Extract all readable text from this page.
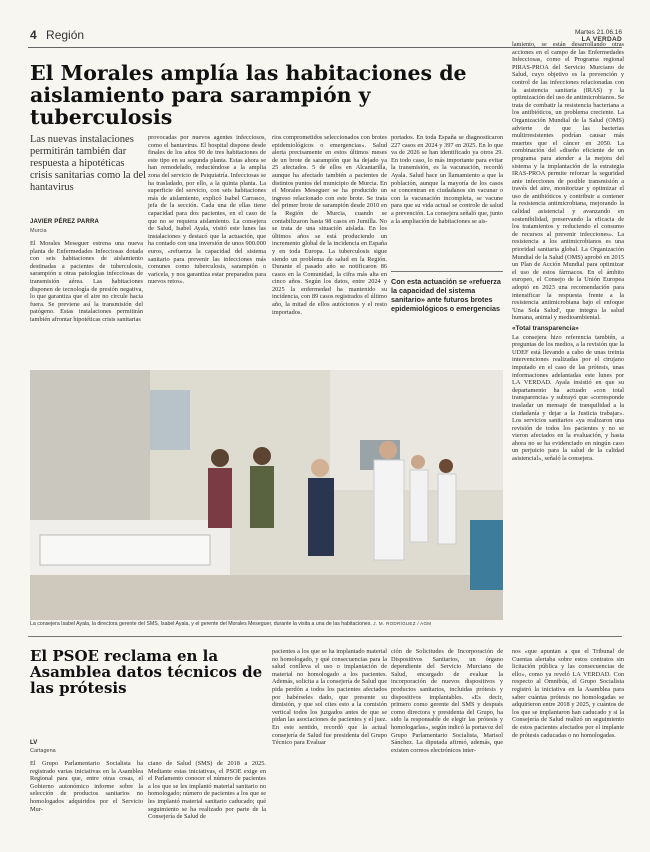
4 Región	Martes 21.06.16
LA VERDAD
El Morales amplía las habitaciones de aislamiento para sarampión y tuberculosis
Las nuevas instalaciones permitirán también dar respuesta a hipotéticas crisis sanitarias como la del hantavirus
JAVIER PÉREZ PARRA
Murcia

El Morales Meseguer estrena una nueva planta de Enfermedades Infecciosas dotada con seis habitaciones de aislamiento destinadas a pacientes de tuberculosis, sarampión u otras patologías infecciosas de transmisión aérea. Las habitaciones disponen de tecnología de presión negativa, lo que garantiza que el aire no circule hacia fuera. Se previene así la transmisión del patógeno. Estas instalaciones permitirán también afrontar hipotéticas crisis sanitarias

provocadas por nuevos agentes infecciosos, como el hantavirus. El hospital dispone desde finales de los años 90 de tres habitaciones de este tipo en su segunda planta. Estas ahora se han remodelado, reduciéndose a la amplia zona del servicio de Psiquiatría. Infecciosas se ha trasladado, por ello, a la quinta planta. La superficie del servicio, con seis habitaciones más de aislamiento, explicó Isabel Carrasco, jefa de la sección. Cada una de ellas tiene capacidad para dos pacientes, en el caso de que no se requiera aislamiento. La consejera de Salud, Isabel Ayala, visitó este lunes las instalaciones y destacó que la actuación, que ha contado con una inversión de unos 900.000 euros, «refuerza la capacidad del sistema sanitario para prevenir las infecciones más comunes como tuberculosis, sarampión o varicela, y nos garantiza estar preparados para nuevos retos».

rios comprometidos seleccionados con brotes epidemiológicos o emergencias». Salud alerta precisamente en estos últimos meses de un brote de sarampión que ha dejado ya 25 afectados. 5 de ellos en Alcantarilla, aunque ha afectado también a pacientes de distintos puntos del municipio de Murcia. En el Morales Meseguer se ha producido un ingreso relacionado con este brote. Se trata del primer brote de sarampión desde 2010 en la Región de Murcia, cuando se contabilizaron hasta 98 casos en Jumilla. No se trata de una situación aislada. En los últimos años se está produciendo un incremento global de la incidencia en España y en toda Europa. La tuberculosis sigue siendo un problema de salud en la Región. Durante el pasado año se notificaron 86 casos en la Comunidad, la cifra más alta en cinco años. Según los datos, entre 2024 y 2025 la enfermedad ha mantenido su incidencia, con 89 casos registrados el último año, la mitad de ellos autóctonos y el resto importados.

portados. En toda España se diagnosticaron 227 casos en 2024 y 397 en 2025. En lo que va de 2026 se han identificado ya otros 29. En todo caso, lo más importante para evitar la transmisión, es la vacunación, recordó Ayala. Salud hace un llamamiento a que la población, aunque la mayoría de los casos se concentran en ciudadanos sin vacunar o con la vacunación incompleta, se vacune para que su vida actual se controle de salud a prevención. La consejera señaló que, junto a la ampliación de habitaciones se ais-

Con esta actuación se «refuerza la capacidad del sistema sanitario» ante futuros brotes epidemiológicos o emergencias

lamiento, se están desarrollando otras acciones en el campo de las Enfermedades Infecciosas, como el Programa regional PIRAS-PROA del Servicio Murciano de Salud, cuyo objetivo es la prevención y control de las infecciones relacionadas con la asistencia sanitaria (IRAS) y la optimización del uso de antimicrobianos. Se trata de combatir la resistencia bacteriana a los antibióticos, un problema creciente. La Organización Mundial de la Salud (OMS) advierte de que las bacterias multirresistentes podrían causar más muertes que el cáncer en 2050. La combinación del «diseño eficiente de un programa para atender a la mejora del sistema y la implantación de la estrategia IRAS-PROA permite reforzar la seguridad ante infecciones de posible transmisión a través del aire, monitorizar y optimizar el uso de antibióticos y contribuir a contener la resistencia antimicrobiana, mejorando la calidad asistencial y avanzando en sostenibilidad, preservando la eficacia de los tratamientos y reduciendo el consumo de recursos al prevenir infecciones». La resistencia a los antimicrobianos es una prioridad sanitaria global. La Organización Mundial de la Salud (OMS) aprobó en 2015 un Plan de Acción Mundial para optimizar el uso de estos fármacos. En el ámbito europeo, el Consejo de la Unión Europea adoptó en 2023 una recomendación para intensificar la respuesta frente a la resistencia antimicrobiana bajo el enfoque 'Una Sola Salud', que integra la salud humana, animal y medioambiental.

«Total transparencia»

La consejera hizo referencia también, a preguntas de los medios, a la revisión que la UDEF está llevando a cabo de unas treinta intervenciones realizadas por el cirujano imputado en el caso de las prótesis, unas informaciones adelantadas este lunes por LA VERDAD. Ayala insistió en que su departamento ha actuado «con total transparencia» y subrayó que «corresponde trasladar un mensaje de tranquilidad a la ciudadanía y dejar a la Justicia trabajar». Los servicios sanitarios «ya realizaron una revisión de todos los pacientes y no se vieron afectados en la evaluación, y hasta ahora no se ha evidenciado en ningún caso un perjuicio para la salud de la calidad asistencial», señaló la consejera.

La consejera Isabel Ayala, la directora gerente del SMS, Isabel Ayala, y el gerente del Morales Meseguer, durante la visita a una de las habitaciones. J. M. RODRÍGUEZ / AGM
El PSOE reclama en la Asamblea datos técnicos de las prótesis
LV
Cartagena

El Grupo Parlamentario Socialista ha registrado varias iniciativas en la Asamblea Regional para que, entre otras cosas, el Gobierno autonómico informe sobre la selección de productos sanitarios no homologados adquiridos por el Servicio Mur-

ciano de Salud (SMS) de 2018 a 2025. Mediante estas iniciativas, el PSOE exige en el Parlamento conocer el número de pacientes a los que se les implantó material sanitario no homologado; número de pacientes a los que se les implantó material sanitario caducado; qué seguimiento se ha realizado por parte de la Consejería de Salud de

pacientes a los que se ha implantado material no homologado, y qué consecuencias para la salud conlleva el uso o implantación de material no homologado a los pacientes. Además, solicita a la consejería de Salud que pida perdón a todos los pacientes afectados por habérseles dado, que presente su dimisión, y que sol cites esto a la comisión vertical todos los juzgados antes de que se pidan las asociaciones de pacientes y el juez. En este sentido, recordó que la actual consejería de Salud fue presidenta del Grupo Técnico para Evaluar

ción de Solicitudes de Incorporación de Dispositivos Sanitarios, un órgano dependiente del Servicio Murciano de Salud, encargado de evaluar la incorporación de nuevos dispositivos y productos sanitarios, incluidas prótesis y dispositivos implantables. «Es decir, primero como gerente del SMS y después como directora y presidenta del Grupo, ha sido la responsable de elegir las prótesis y homologarlas», según indicó la portavoz del Grupo Parlamentario Socialista, Marisol Sánchez. La diputada afirmó, además, que existen correos electrónicos inter-

nos «que apuntan a que el Tribunal de Cuentas alertaba sobre estos contratos sin licitación pública y las consecuencias de ello», como ya reveló LA VERDAD. Con respecto al Omnibús, el Grupo Socialista registró la iniciativa en la Asamblea para saber cuántas prótesis no homologadas se adquirieron entre 2018 y 2025, y cuántos de los que se implantaron han caducado y si la Consejería de Salud realizó un seguimiento de estos pacientes afectados por el implante de prótesis caducadas o no homologadas.
